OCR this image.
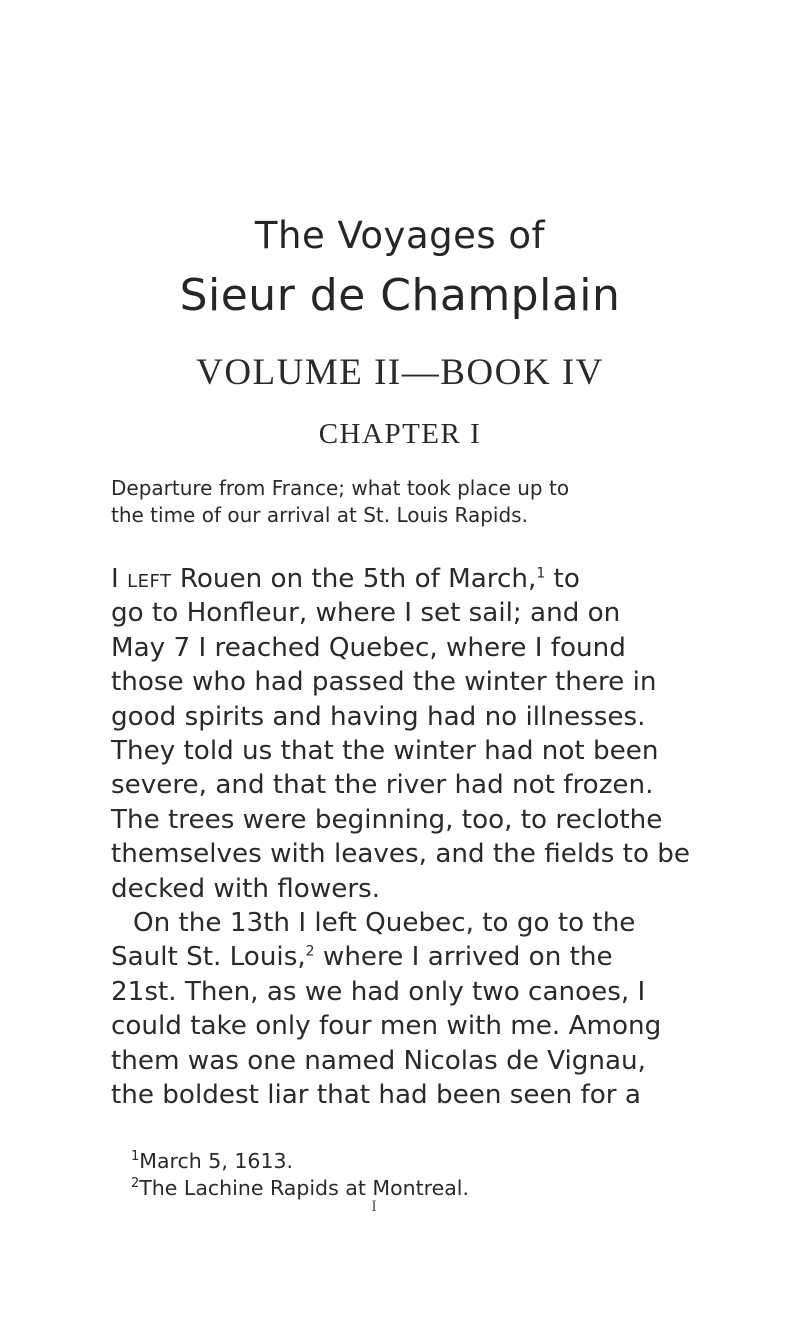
The Voyages of
Sieur de Champlain
VOLUME II—BOOK IV
CHAPTER I
Departure from France; what took place up to
the time of our arrival at St. Louis Rapids.
I left Rouen on the 5th of March,$^1$ to
go to Honfleur, where I set sail; and on
May 7 I reached Quebec, where I found
those who had passed the winter there in
good spirits and having had no illnesses.
They told us that the winter had not been
severe, and that the river had not frozen.
The trees were beginning, too, to reclothe
themselves with leaves, and the fields to be
decked with flowers.
On the 13th I left Quebec, to go to the
Sault St. Louis,$^2$ where I arrived on the
21st. Then, as we had only two canoes, I
could take only four men with me. Among
them was one named Nicolas de Vignau,
the boldest liar that had been seen for a
$^1$March 5, 1613.
$^2$The Lachine Rapids at Montreal.
I
